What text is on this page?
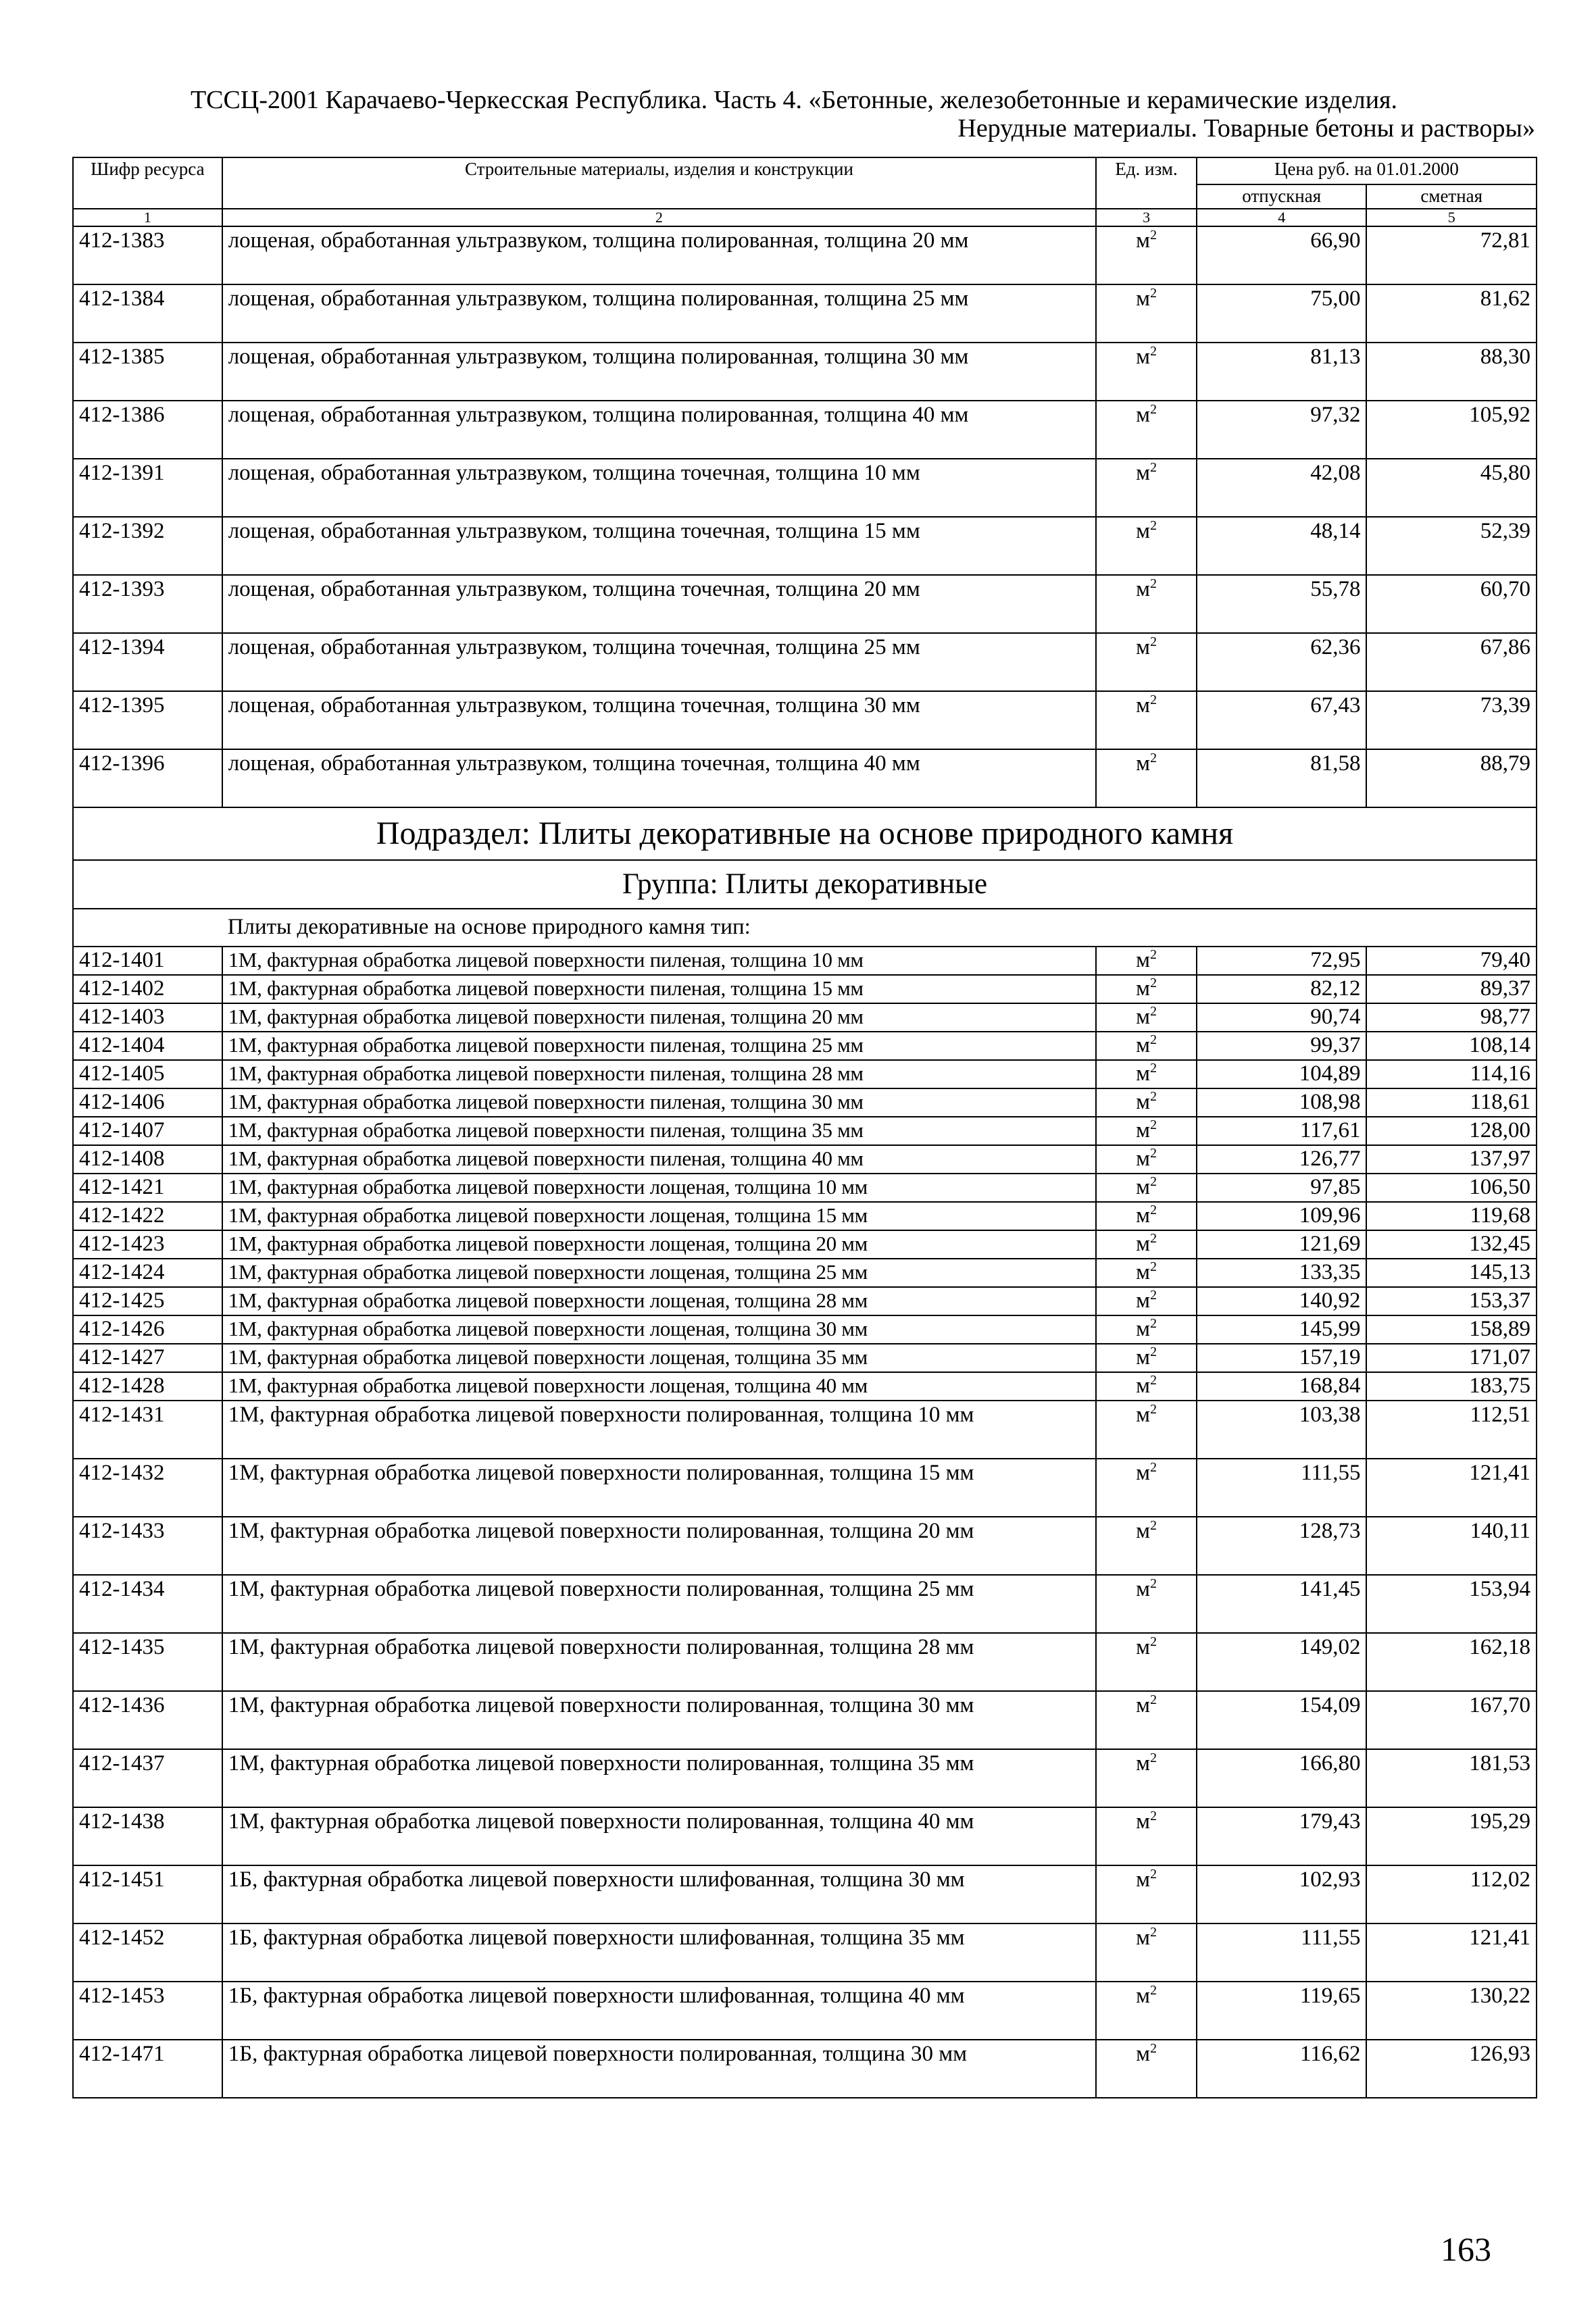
ТССЦ-2001 Карачаево-Черкесская Республика. Часть 4. «Бетонные, железобетонные и керамические изделия.
Нерудные материалы. Товарные бетоны и растворы»
Шифр ресурса	Строительные материалы, изделия и конструкции	Ед. изм.	Цена руб. на 01.01.2000	
			отпускная	сметная
1	2	3	4	5
412-1383	лощеная, обработанная ультразвуком, толщина полированная, толщина 20 мм	$м^2$	66,90	72,81
412-1384	лощеная, обработанная ультразвуком, толщина полированная, толщина 25 мм	$м^2$	75,00	81,62
412-1385	лощеная, обработанная ультразвуком, толщина полированная, толщина 30 мм	$м^2$	81,13	88,30
412-1386	лощеная, обработанная ультразвуком, толщина полированная, толщина 40 мм	$м^2$	97,32	105,92
412-1391	лощеная, обработанная ультразвуком, толщина точечная, толщина 10 мм	$м^2$	42,08	45,80
412-1392	лощеная, обработанная ультразвуком, толщина точечная, толщина 15 мм	$м^2$	48,14	52,39
412-1393	лощеная, обработанная ультразвуком, толщина точечная, толщина 20 мм	$м^2$	55,78	60,70
412-1394	лощеная, обработанная ультразвуком, толщина точечная, толщина 25 мм	$м^2$	62,36	67,86
412-1395	лощеная, обработанная ультразвуком, толщина точечная, толщина 30 мм	$м^2$	67,43	73,39
412-1396	лощеная, обработанная ультразвуком, толщина точечная, толщина 40 мм	$м^2$	81,58	88,79
Подраздел: Плиты декоративные на основе природного камня				
Группа: Плиты декоративные				
	Плиты декоративные на основе природного камня тип:			
412-1401	1М, фактурная обработка лицевой поверхности пиленая, толщина 10 мм	$м^2$	72,95	79,40
412-1402	1М, фактурная обработка лицевой поверхности пиленая, толщина 15 мм	$м^2$	82,12	89,37
412-1403	1М, фактурная обработка лицевой поверхности пиленая, толщина 20 мм	$м^2$	90,74	98,77
412-1404	1М, фактурная обработка лицевой поверхности пиленая, толщина 25 мм	$м^2$	99,37	108,14
412-1405	1М, фактурная обработка лицевой поверхности пиленая, толщина 28 мм	$м^2$	104,89	114,16
412-1406	1М, фактурная обработка лицевой поверхности пиленая, толщина 30 мм	$м^2$	108,98	118,61
412-1407	1М, фактурная обработка лицевой поверхности пиленая, толщина 35 мм	$м^2$	117,61	128,00
412-1408	1М, фактурная обработка лицевой поверхности пиленая, толщина 40 мм	$м^2$	126,77	137,97
412-1421	1М, фактурная обработка лицевой поверхности лощеная, толщина 10 мм	$м^2$	97,85	106,50
412-1422	1М, фактурная обработка лицевой поверхности лощеная, толщина 15 мм	$м^2$	109,96	119,68
412-1423	1М, фактурная обработка лицевой поверхности лощеная, толщина 20 мм	$м^2$	121,69	132,45
412-1424	1М, фактурная обработка лицевой поверхности лощеная, толщина 25 мм	$м^2$	133,35	145,13
412-1425	1М, фактурная обработка лицевой поверхности лощеная, толщина 28 мм	$м^2$	140,92	153,37
412-1426	1М, фактурная обработка лицевой поверхности лощеная, толщина 30 мм	$м^2$	145,99	158,89
412-1427	1М, фактурная обработка лицевой поверхности лощеная, толщина 35 мм	$м^2$	157,19	171,07
412-1428	1М, фактурная обработка лицевой поверхности лощеная, толщина 40 мм	$м^2$	168,84	183,75
412-1431	1М, фактурная обработка лицевой поверхности полированная, толщина 10 мм	$м^2$	103,38	112,51
412-1432	1М, фактурная обработка лицевой поверхности полированная, толщина 15 мм	$м^2$	111,55	121,41
412-1433	1М, фактурная обработка лицевой поверхности полированная, толщина 20 мм	$м^2$	128,73	140,11
412-1434	1М, фактурная обработка лицевой поверхности полированная, толщина 25 мм	$м^2$	141,45	153,94
412-1435	1М, фактурная обработка лицевой поверхности полированная, толщина 28 мм	$м^2$	149,02	162,18
412-1436	1М, фактурная обработка лицевой поверхности полированная, толщина 30 мм	$м^2$	154,09	167,70
412-1437	1М, фактурная обработка лицевой поверхности полированная, толщина 35 мм	$м^2$	166,80	181,53
412-1438	1М, фактурная обработка лицевой поверхности полированная, толщина 40 мм	$м^2$	179,43	195,29
412-1451	1Б, фактурная обработка лицевой поверхности шлифованная, толщина 30 мм	$м^2$	102,93	112,02
412-1452	1Б, фактурная обработка лицевой поверхности шлифованная, толщина 35 мм	$м^2$	111,55	121,41
412-1453	1Б, фактурная обработка лицевой поверхности шлифованная, толщина 40 мм	$м^2$	119,65	130,22
412-1471	1Б, фактурная обработка лицевой поверхности полированная, толщина 30 мм	$м^2$	116,62	126,93
163
